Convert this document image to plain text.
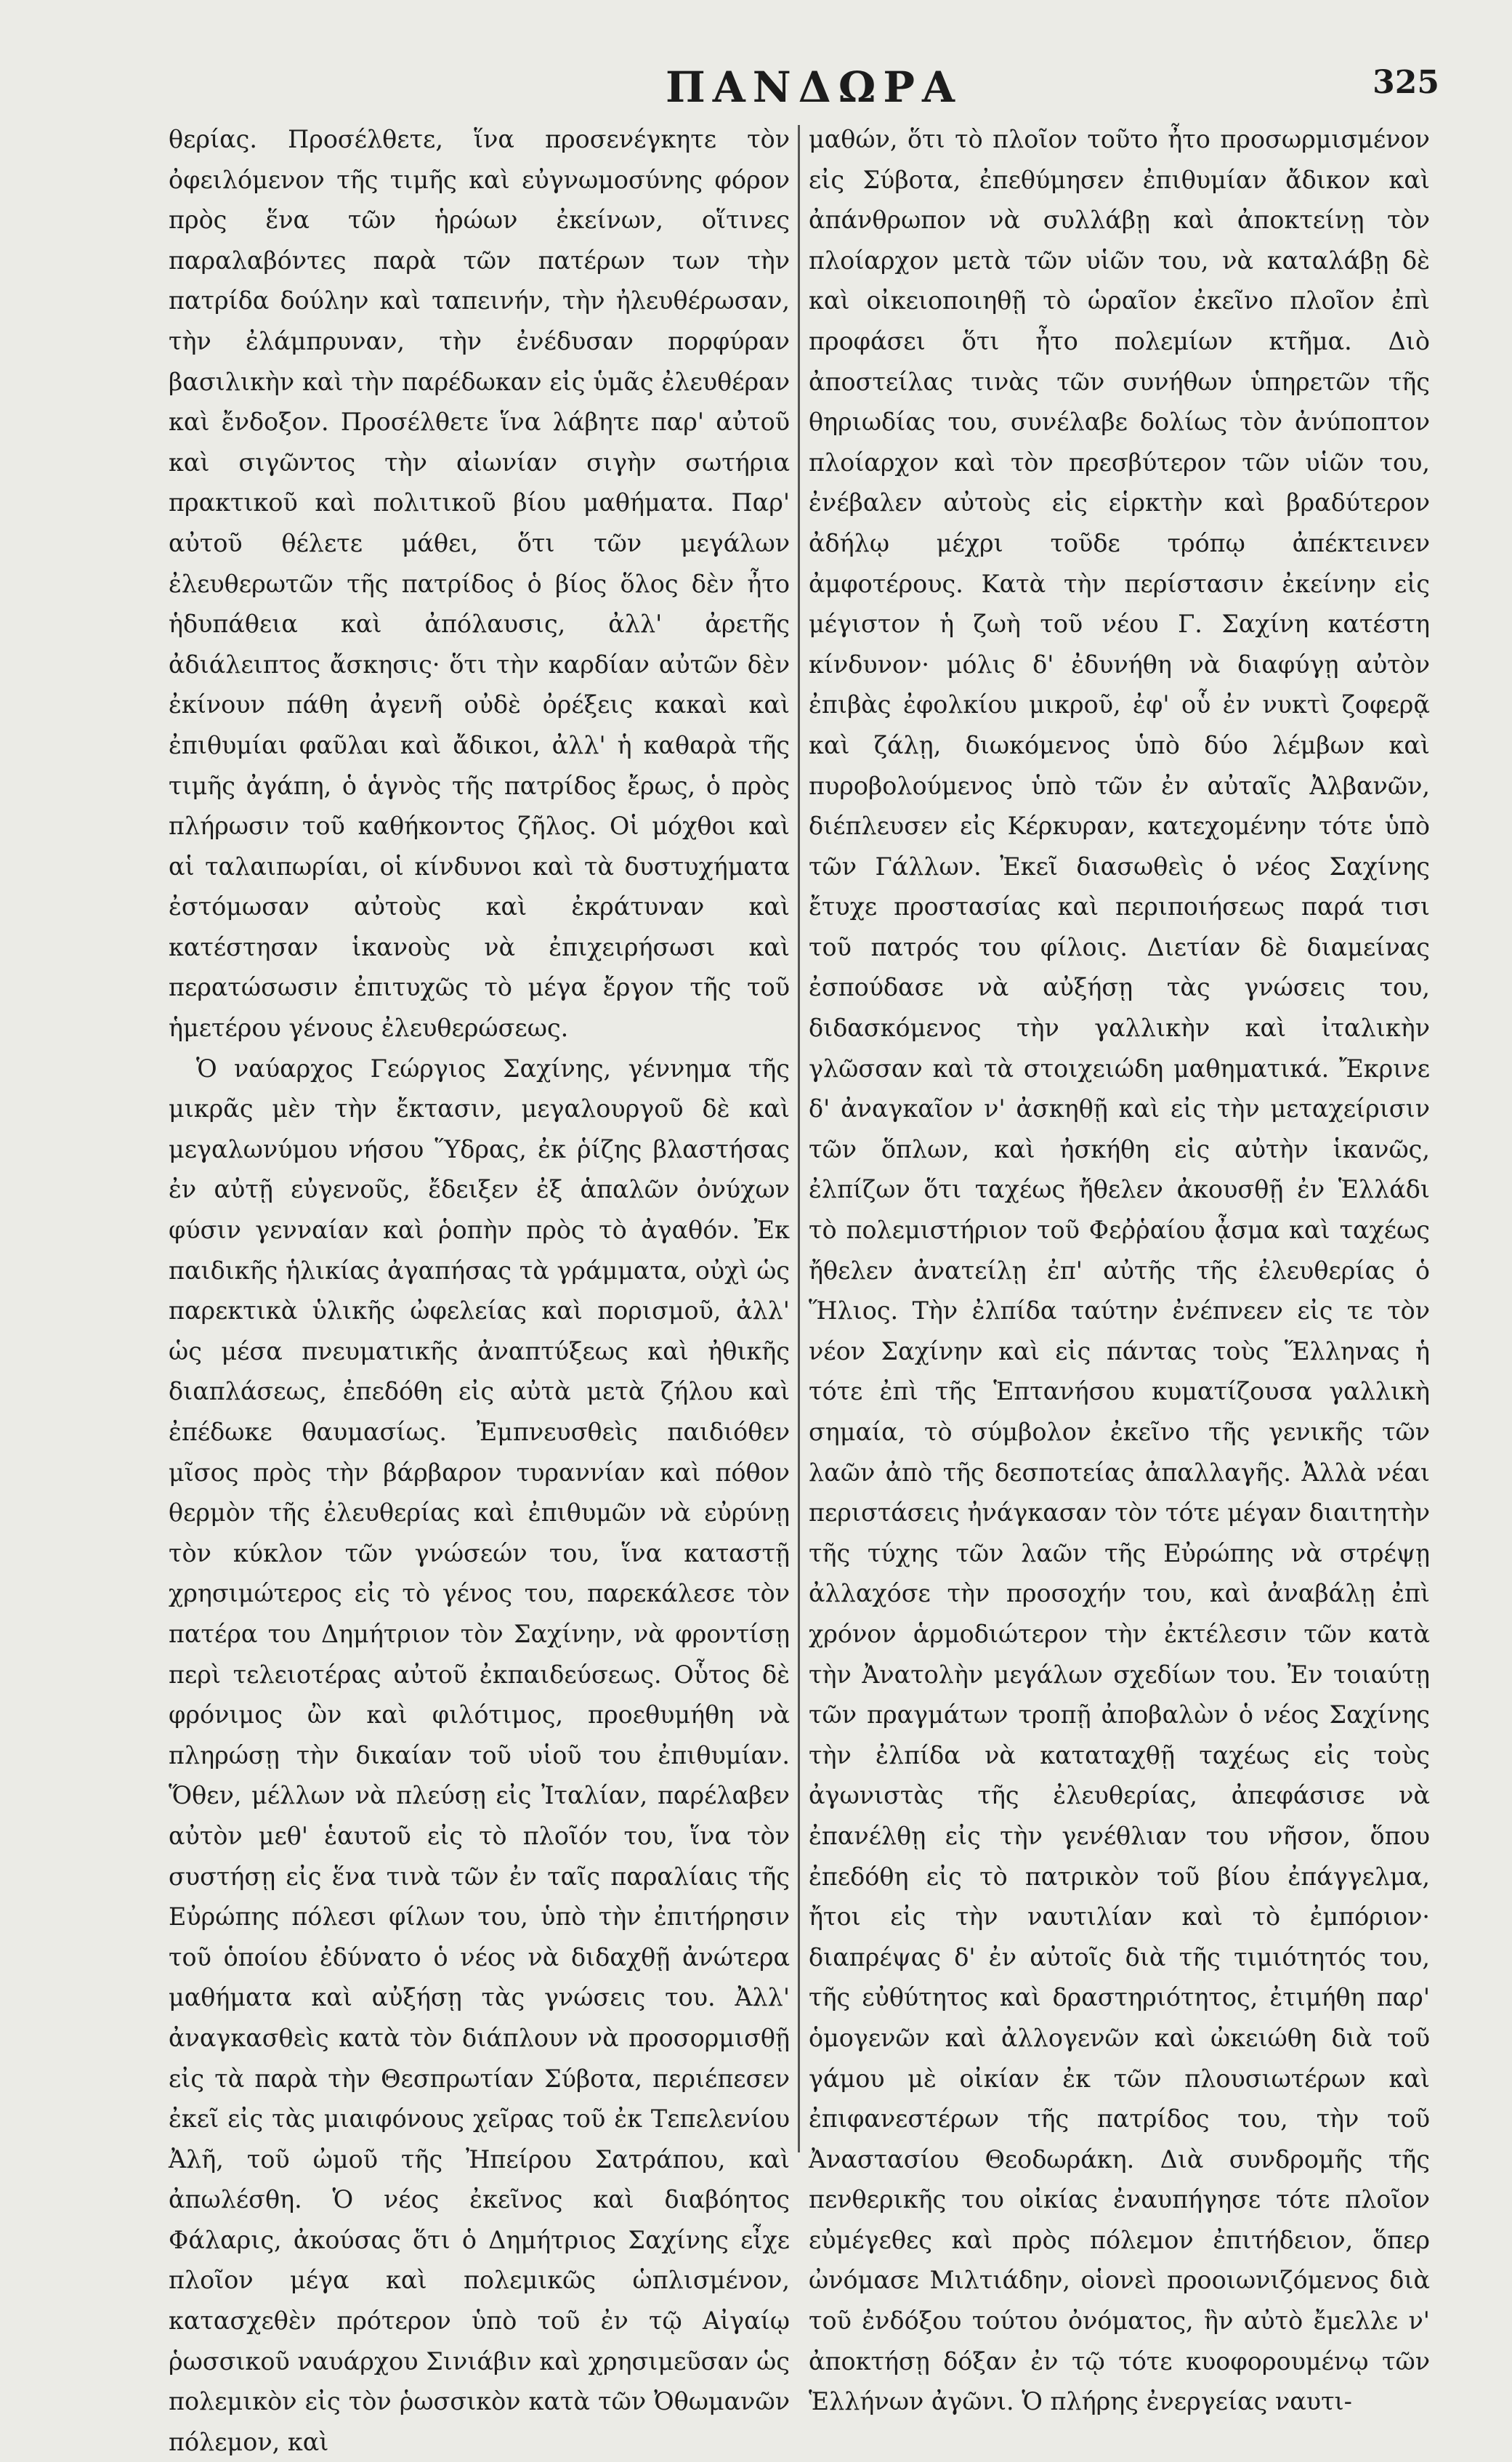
ΠΑΝΔΩΡΑ	325

θερίας. Προσέλθετε, ἵνα προσενέγκητε τὸν ὀφειλόμενον τῆς τιμῆς καὶ εὐγνωμοσύνης φόρον πρὸς ἕνα τῶν ἡρώων ἐκείνων, οἵτινες παραλαβόντες παρὰ τῶν πατέρων των τὴν πατρίδα δούλην καὶ ταπεινήν, τὴν ἠλευθέρωσαν, τὴν ἐλάμπρυναν, τὴν ἐνέδυσαν πορφύραν βασιλικὴν καὶ τὴν παρέδωκαν εἰς ὑμᾶς ἐλευθέραν καὶ ἔνδοξον. Προσέλθετε ἵνα λάβητε παρ' αὐτοῦ καὶ σιγῶντος τὴν αἰωνίαν σιγὴν σωτήρια πρακτικοῦ καὶ πολιτικοῦ βίου μαθήματα. Παρ' αὐτοῦ θέλετε μάθει, ὅτι τῶν μεγάλων ἐλευθερωτῶν τῆς πατρίδος ὁ βίος ὅλος δὲν ἦτο ἡδυπάθεια καὶ ἀπόλαυσις, ἀλλ' ἀρετῆς ἀδιάλειπτος ἄσκησις· ὅτι τὴν καρδίαν αὐτῶν δὲν ἐκίνουν πάθη ἀγενῆ οὐδὲ ὀρέξεις κακαὶ καὶ ἐπιθυμίαι φαῦλαι καὶ ἄδικοι, ἀλλ' ἡ καθαρὰ τῆς τιμῆς ἀγάπη, ὁ ἁγνὸς τῆς πατρίδος ἔρως, ὁ πρὸς πλήρωσιν τοῦ καθήκοντος ζῆλος. Οἱ μόχθοι καὶ αἱ ταλαιπωρίαι, οἱ κίνδυνοι καὶ τὰ δυστυχήματα ἐστόμωσαν αὐτοὺς καὶ ἐκράτυναν καὶ κατέστησαν ἱκανοὺς νὰ ἐπιχειρήσωσι καὶ περατώσωσιν ἐπιτυχῶς τὸ μέγα ἔργον τῆς τοῦ ἡμετέρου γένους ἐλευθερώσεως.

Ὁ ναύαρχος Γεώργιος Σαχίνης, γέννημα τῆς μικρᾶς μὲν τὴν ἔκτασιν, μεγαλουργοῦ δὲ καὶ μεγαλωνύμου νήσου Ὕδρας, ἐκ ῥίζης βλαστήσας ἐν αὐτῇ εὐγενοῦς, ἔδειξεν ἐξ ἁπαλῶν ὀνύχων φύσιν γενναίαν καὶ ῥοπὴν πρὸς τὸ ἀγαθόν. Ἐκ παιδικῆς ἡλικίας ἀγαπήσας τὰ γράμματα, οὐχὶ ὡς παρεκτικὰ ὑλικῆς ὠφελείας καὶ πορισμοῦ, ἀλλ' ὡς μέσα πνευματικῆς ἀναπτύξεως καὶ ἠθικῆς διαπλάσεως, ἐπεδόθη εἰς αὐτὰ μετὰ ζήλου καὶ ἐπέδωκε θαυμασίως. Ἐμπνευσθεὶς παιδιόθεν μῖσος πρὸς τὴν βάρβαρον τυραννίαν καὶ πόθον θερμὸν τῆς ἐλευθερίας καὶ ἐπιθυμῶν νὰ εὐρύνῃ τὸν κύκλον τῶν γνώσεών του, ἵνα καταστῇ χρησιμώτερος εἰς τὸ γένος του, παρεκάλεσε τὸν πατέρα του Δημήτριον τὸν Σαχίνην, νὰ φροντίσῃ περὶ τελειοτέρας αὐτοῦ ἐκπαιδεύσεως. Οὗτος δὲ φρόνιμος ὢν καὶ φιλότιμος, προεθυμήθη νὰ πληρώσῃ τὴν δικαίαν τοῦ υἱοῦ του ἐπιθυμίαν. Ὅθεν, μέλλων νὰ πλεύσῃ εἰς Ἰταλίαν, παρέλαβεν αὐτὸν μεθ' ἑαυτοῦ εἰς τὸ πλοῖόν του, ἵνα τὸν συστήσῃ εἰς ἕνα τινὰ τῶν ἐν ταῖς παραλίαις τῆς Εὐρώπης πόλεσι φίλων του, ὑπὸ τὴν ἐπιτήρησιν τοῦ ὁποίου ἐδύνατο ὁ νέος νὰ διδαχθῇ ἀνώτερα μαθήματα καὶ αὐξήσῃ τὰς γνώσεις του. Ἀλλ' ἀναγκασθεὶς κατὰ τὸν διάπλουν νὰ προσορμισθῇ εἰς τὰ παρὰ τὴν Θεσπρωτίαν Σύβοτα, περιέπεσεν ἐκεῖ εἰς τὰς μιαιφόνους χεῖρας τοῦ ἐκ Τεπελενίου Ἀλῆ, τοῦ ὠμοῦ τῆς Ἠπείρου Σατράπου, καὶ ἀπωλέσθη. Ὁ νέος ἐκεῖνος καὶ διαβόητος Φάλαρις, ἀκούσας ὅτι ὁ Δημήτριος Σαχίνης εἶχε πλοῖον μέγα καὶ πολεμικῶς ὡπλισμένον, κατασχεθὲν πρότερον ὑπὸ τοῦ ἐν τῷ Αἰγαίῳ ῥωσσικοῦ ναυάρχου Σινιάβιν καὶ χρησιμεῦσαν ὡς πολεμικὸν εἰς τὸν ῥωσσικὸν κατὰ τῶν Ὀθωμανῶν πόλεμον, καὶ

μαθών, ὅτι τὸ πλοῖον τοῦτο ἦτο προσωρμισμένον εἰς Σύβοτα, ἐπεθύμησεν ἐπιθυμίαν ἄδικον καὶ ἀπάνθρωπον νὰ συλλάβῃ καὶ ἀποκτείνῃ τὸν πλοίαρχον μετὰ τῶν υἱῶν του, νὰ καταλάβῃ δὲ καὶ οἰκειοποιηθῇ τὸ ὡραῖον ἐκεῖνο πλοῖον ἐπὶ προφάσει ὅτι ἦτο πολεμίων κτῆμα. Διὸ ἀποστείλας τινὰς τῶν συνήθων ὑπηρετῶν τῆς θηριωδίας του, συνέλαβε δολίως τὸν ἀνύποπτον πλοίαρχον καὶ τὸν πρεσβύτερον τῶν υἱῶν του, ἐνέβαλεν αὐτοὺς εἰς εἱρκτὴν καὶ βραδύτερον ἀδήλῳ μέχρι τοῦδε τρόπῳ ἀπέκτεινεν ἀμφοτέρους. Κατὰ τὴν περίστασιν ἐκείνην εἰς μέγιστον ἡ ζωὴ τοῦ νέου Γ. Σαχίνη κατέστη κίνδυνον· μόλις δ' ἐδυνήθη νὰ διαφύγῃ αὐτὸν ἐπιβὰς ἐφολκίου μικροῦ, ἐφ' οὗ ἐν νυκτὶ ζοφερᾷ καὶ ζάλῃ, διωκόμενος ὑπὸ δύο λέμβων καὶ πυροβολούμενος ὑπὸ τῶν ἐν αὐταῖς Ἀλβανῶν, διέπλευσεν εἰς Κέρκυραν, κατεχομένην τότε ὑπὸ τῶν Γάλλων. Ἐκεῖ διασωθεὶς ὁ νέος Σαχίνης ἔτυχε προστασίας καὶ περιποιήσεως παρά τισι τοῦ πατρός του φίλοις. Διετίαν δὲ διαμείνας ἐσπούδασε νὰ αὐξήσῃ τὰς γνώσεις του, διδασκόμενος τὴν γαλλικὴν καὶ ἰταλικὴν γλῶσσαν καὶ τὰ στοιχειώδη μαθηματικά. Ἔκρινε δ' ἀναγκαῖον ν' ἀσκηθῇ καὶ εἰς τὴν μεταχείρισιν τῶν ὅπλων, καὶ ἠσκήθη εἰς αὐτὴν ἱκανῶς, ἐλπίζων ὅτι ταχέως ἤθελεν ἀκουσθῇ ἐν Ἑλλάδι τὸ πολεμιστήριον τοῦ Φεῤῥαίου ᾆσμα καὶ ταχέως ἤθελεν ἀνατείλῃ ἐπ' αὐτῆς τῆς ἐλευθερίας ὁ Ἥλιος. Τὴν ἐλπίδα ταύτην ἐνέπνεεν εἰς τε τὸν νέον Σαχίνην καὶ εἰς πάντας τοὺς Ἕλληνας ἡ τότε ἐπὶ τῆς Ἑπτανήσου κυματίζουσα γαλλικὴ σημαία, τὸ σύμβολον ἐκεῖνο τῆς γενικῆς τῶν λαῶν ἀπὸ τῆς δεσποτείας ἀπαλλαγῆς. Ἀλλὰ νέαι περιστάσεις ἠνάγκασαν τὸν τότε μέγαν διαιτητὴν τῆς τύχης τῶν λαῶν τῆς Εὐρώπης νὰ στρέψῃ ἀλλαχόσε τὴν προσοχήν του, καὶ ἀναβάλῃ ἐπὶ χρόνον ἁρμοδιώτερον τὴν ἐκτέλεσιν τῶν κατὰ τὴν Ἀνατολὴν μεγάλων σχεδίων του. Ἐν τοιαύτῃ τῶν πραγμάτων τροπῇ ἀποβαλὼν ὁ νέος Σαχίνης τὴν ἐλπίδα νὰ καταταχθῇ ταχέως εἰς τοὺς ἀγωνιστὰς τῆς ἐλευθερίας, ἀπεφάσισε νὰ ἐπανέλθῃ εἰς τὴν γενέθλιαν του νῆσον, ὅπου ἐπεδόθη εἰς τὸ πατρικὸν τοῦ βίου ἐπάγγελμα, ἤτοι εἰς τὴν ναυτιλίαν καὶ τὸ ἐμπόριον· διαπρέψας δ' ἐν αὐτοῖς διὰ τῆς τιμιότητός του, τῆς εὐθύτητος καὶ δραστηριότητος, ἐτιμήθη παρ' ὁμογενῶν καὶ ἀλλογενῶν καὶ ὠκειώθη διὰ τοῦ γάμου μὲ οἰκίαν ἐκ τῶν πλουσιωτέρων καὶ ἐπιφανεστέρων τῆς πατρίδος του, τὴν τοῦ Ἀναστασίου Θεοδωράκη. Διὰ συνδρομῆς τῆς πενθερικῆς του οἰκίας ἐναυπήγησε τότε πλοῖον εὐμέγεθες καὶ πρὸς πόλεμον ἐπιτήδειον, ὅπερ ὠνόμασε Μιλτιάδην, οἱονεὶ προοιωνιζόμενος διὰ τοῦ ἐνδόξου τούτου ὀνόματος, ἣν αὐτὸ ἔμελλε ν' ἀποκτήσῃ δόξαν ἐν τῷ τότε κυοφορουμένῳ τῶν Ἑλλήνων ἀγῶνι. Ὁ πλήρης ἐνεργείας ναυτι-
